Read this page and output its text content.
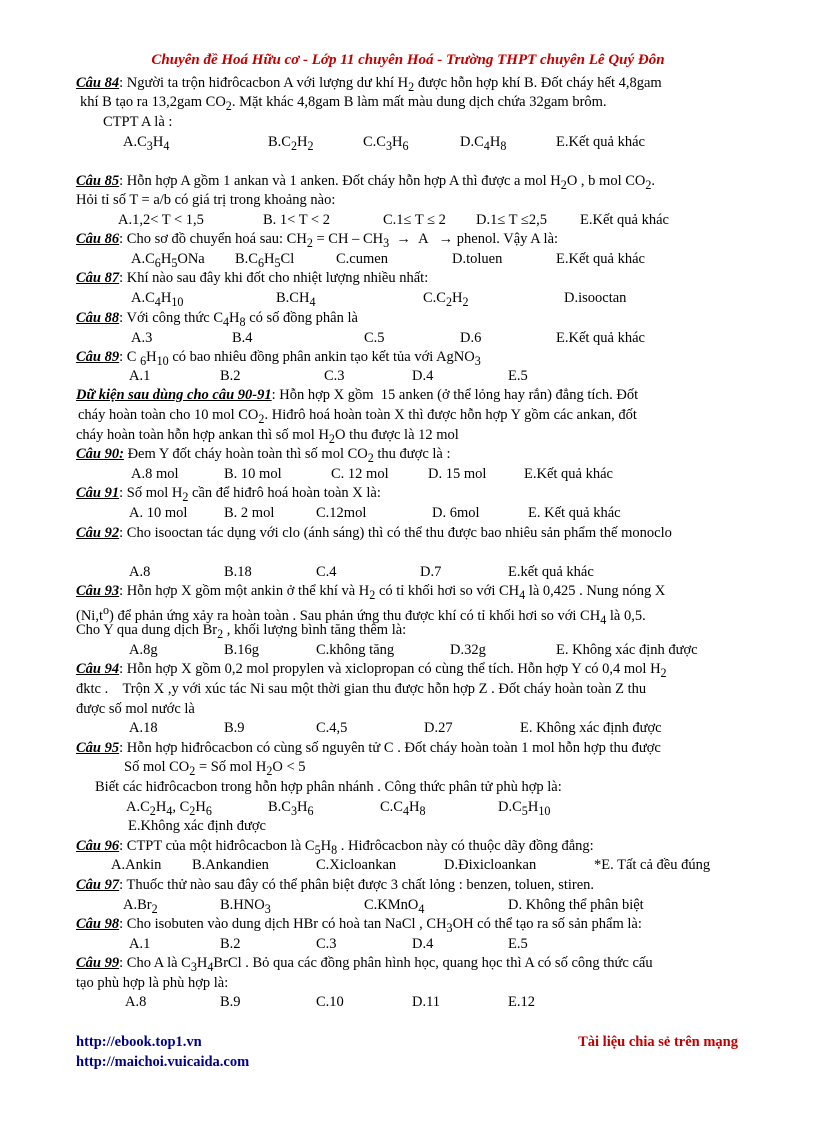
Chuyên đề Hoá Hữu cơ - Lớp 11 chuyên Hoá - Trường THPT chuyên Lê Quý Đôn
Câu 84: Người ta trộn hiđrôcacbon A với lượng dư khí $H_2$ được hỗn hợp khí B. Đốt cháy hết 4,8gam
khí B tạo ra 13,2gam $CO_2$. Mặt khác 4,8gam B làm mất màu dung dịch chứa 32gam brôm.
CTPT A là :
$A.C_3H_4$	$B.C_2H_2$	$C.C_3H_6$	$D.C_4H_8$	E.Kết quả khác
Câu 85: Hỗn hợp A gồm 1 ankan và 1 anken. Đốt cháy hỗn hợp A thì được a mol $H_2O$ , b mol $CO_2$.
Hỏi tỉ số T = a/b có giá trị trong khoảng nào:
A.1,2< T < 1,5	B. 1< T < 2	C.1≤ T ≤ 2 D.1≤ T ≤2,5 E.Kết quả khác
Câu 86: Cho sơ đồ chuyển hoá sau: $CH_2$ = CH – $CH_3 \to A$   → phenol. Vậy A là:
$A.C_6H_5ONa$ $B.C_6H_5Cl$	C.cumen	D.toluen	E.Kết quả khác
Câu 87: Khí nào sau đây khi đốt cho nhiệt lượng nhiều nhất:
$A.C_4H_{10}$	$B.CH_4$	$C.C_2H_2$	D.isooctan
Câu 88: Với công thức $C_4H_8$ có số đồng phân là
A.3	B.4	C.5	D.6	E.Kết quả khác
Câu 89: C $_6H_{10}$ có bao nhiêu đồng phân ankin tạo kết tủa với AgNO$_3$
A.1	B.2	C.3	D.4	E.5
Dữ kiện sau dùng cho câu 90-91: Hỗn hợp X gồm  15 anken (ở thể lỏng hay rắn) đẳng tích. Đốt
cháy hoàn toàn cho 10 mol $CO_2$. Hiđrô hoá hoàn toàn X thì được hỗn hợp Y gồm các ankan, đốt
cháy hoàn toàn hỗn hợp ankan thì số mol $H_2O$ thu được là 12 mol
Câu 90: Đem Y đốt cháy hoàn toàn thì số mol $CO_2$ thu được là :
A.8 mol	B. 10 mol	C. 12 mol	D. 15 mol	E.Kết quả khác
Câu 91: Số mol $H_2$ cần để hiđrô hoá hoàn toàn X là:
A. 10 mol	B. 2 mol	C.12mol	D. 6mol	E. Kết quả khác
Câu 92: Cho isooctan tác dụng với clo (ánh sáng) thì có thể thu được bao nhiêu sản phẩm thế monoclo
A.8	B.18	C.4	D.7	E.kết quả khác
Câu 93: Hỗn hợp X gồm một ankin ở thể khí và $H_2$ có tỉ khối hơi so với $CH_4$ là 0,425 . Nung nóng X
$(Ni,t^o)$ để phản ứng xảy ra hoàn toàn . Sau phản ứng thu được khí có tỉ khối hơi so với $CH_4$ là 0,5.
Cho Y qua dung dịch $Br_2$ , khối lượng bình tăng thêm là:
A.8g	B.16g	C.không tăng	D.32g	E. Không xác định được
Câu 94: Hỗn hợp X gồm 0,2 mol propylen và xiclopropan có cùng thể tích. Hỗn hợp Y có 0,4 mol $H_2$
đktc .    Trộn X ,y với xúc tác Ni sau một thời gian thu được hỗn hợp Z . Đốt cháy hoàn toàn Z thu
được số mol nước là
A.18	B.9	C.4,5	D.27	E. Không xác định được
Câu 95: Hỗn hợp hiđrôcacbon có cùng số nguyên tử C . Đốt cháy hoàn toàn 1 mol hỗn hợp thu được
Số mol $CO_2$ = Số mol $H_2O < 5$
Biết các hiđrôcacbon trong hỗn hợp phân nhánh . Công thức phân tử phù hợp là:
$A.C_2H_4$, $C_2H_6$	$B.C_3H_6$	$C.C_4H_8$	$D.C_5H_{10}$
E.Không xác định được
Câu 96: CTPT của một hiđrôcacbon là $C_5H_8$ . Hiđrôcacbon này có thuộc dãy đồng đẳng:
A.Ankin B.Ankandien	C.Xicloankan	D.Đixicloankan	*E. Tất cả đều đúng
Câu 97: Thuốc thử nào sau đây có thể phân biệt được 3 chất lỏng : benzen, toluen, stiren.
$A.Br_2$	$B.HNO_3$	C.KMnO$_4$	D. Không thể phân biệt
Câu 98: Cho isobuten vào dung dịch HBr có hoà tan NaCl , $CH_3OH$ có thể tạo ra số sản phẩm là:
A.1	B.2	C.3	D.4	E.5
Câu 99: Cho A là $C_3H_4BrCl$ . Bỏ qua các đồng phân hình học, quang học thì A có số công thức cấu
tạo phù hợp là phù hợp là:
A.8	B.9	C.10	D.11	E.12
http://ebook.top1.vn
http://maichoi.vuicaida.com
Tài liệu chia sẻ trên mạng
